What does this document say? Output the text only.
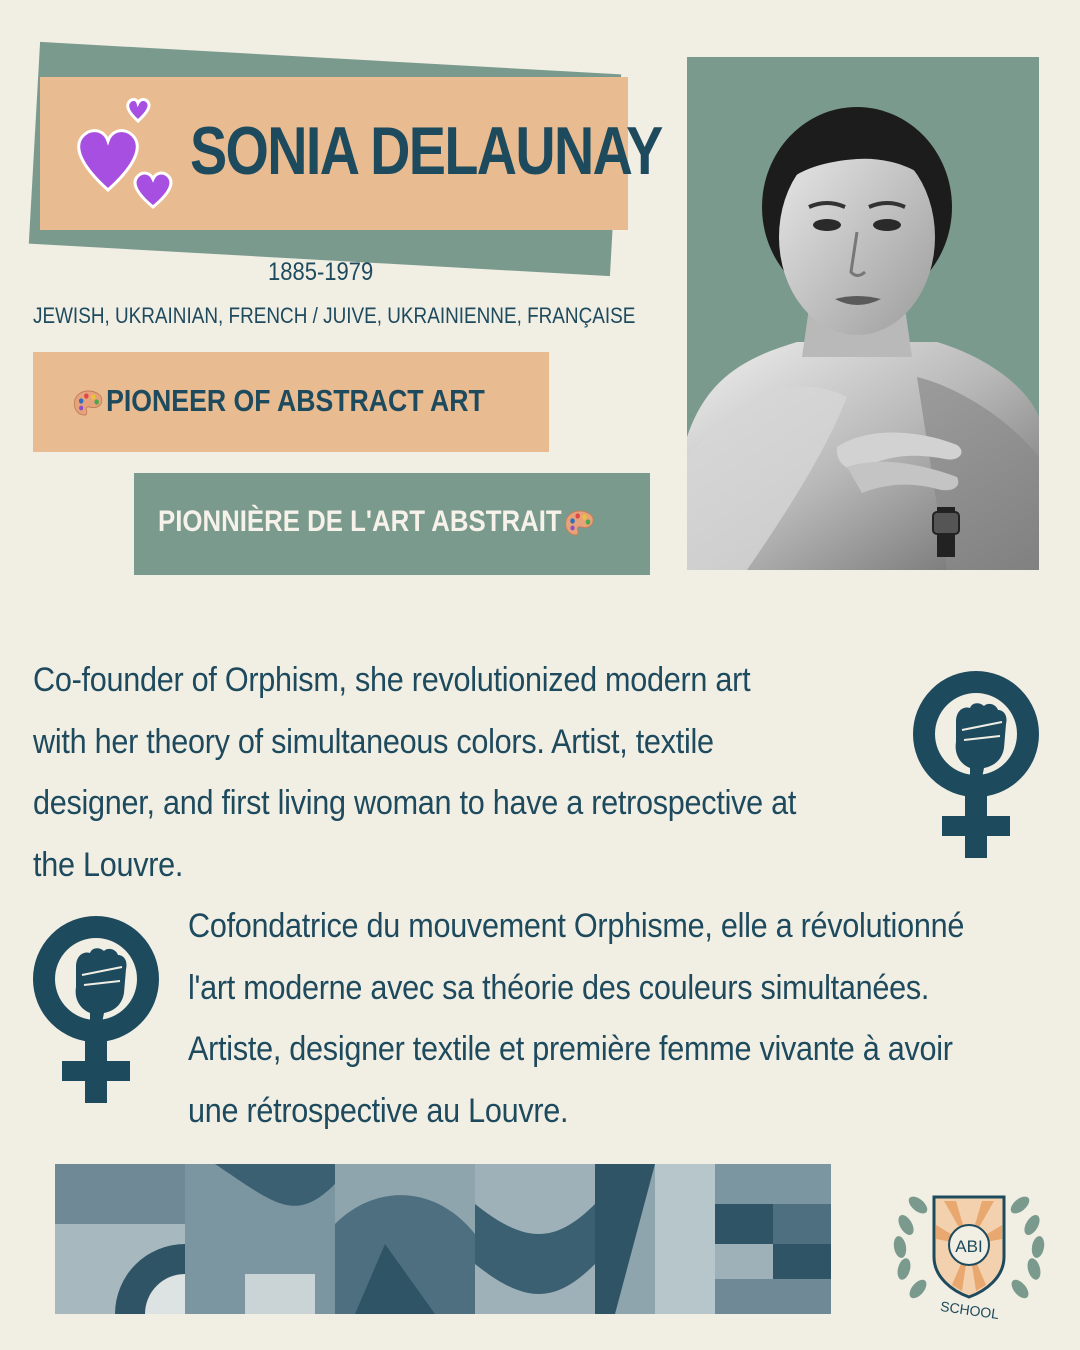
SONIA DELAUNAY
1885-1979
JEWISH, UKRAINIAN, FRENCH / JUIVE, UKRAINIENNE, FRANÇAISE
PIONEER OF ABSTRACT ART
PIONNIÈRE DE L'ART ABSTRAIT
Co-founder of Orphism, she revolutionized modern art with her theory of simultaneous colors. Artist, textile designer, and first living woman to have a retrospective at the Louvre.
Cofondatrice du mouvement Orphisme, elle a révolutionné l'art moderne avec sa théorie des couleurs simultanées. Artiste, designer textile et première femme vivante à avoir une rétrospective au Louvre.
ABI
SCHOOL
